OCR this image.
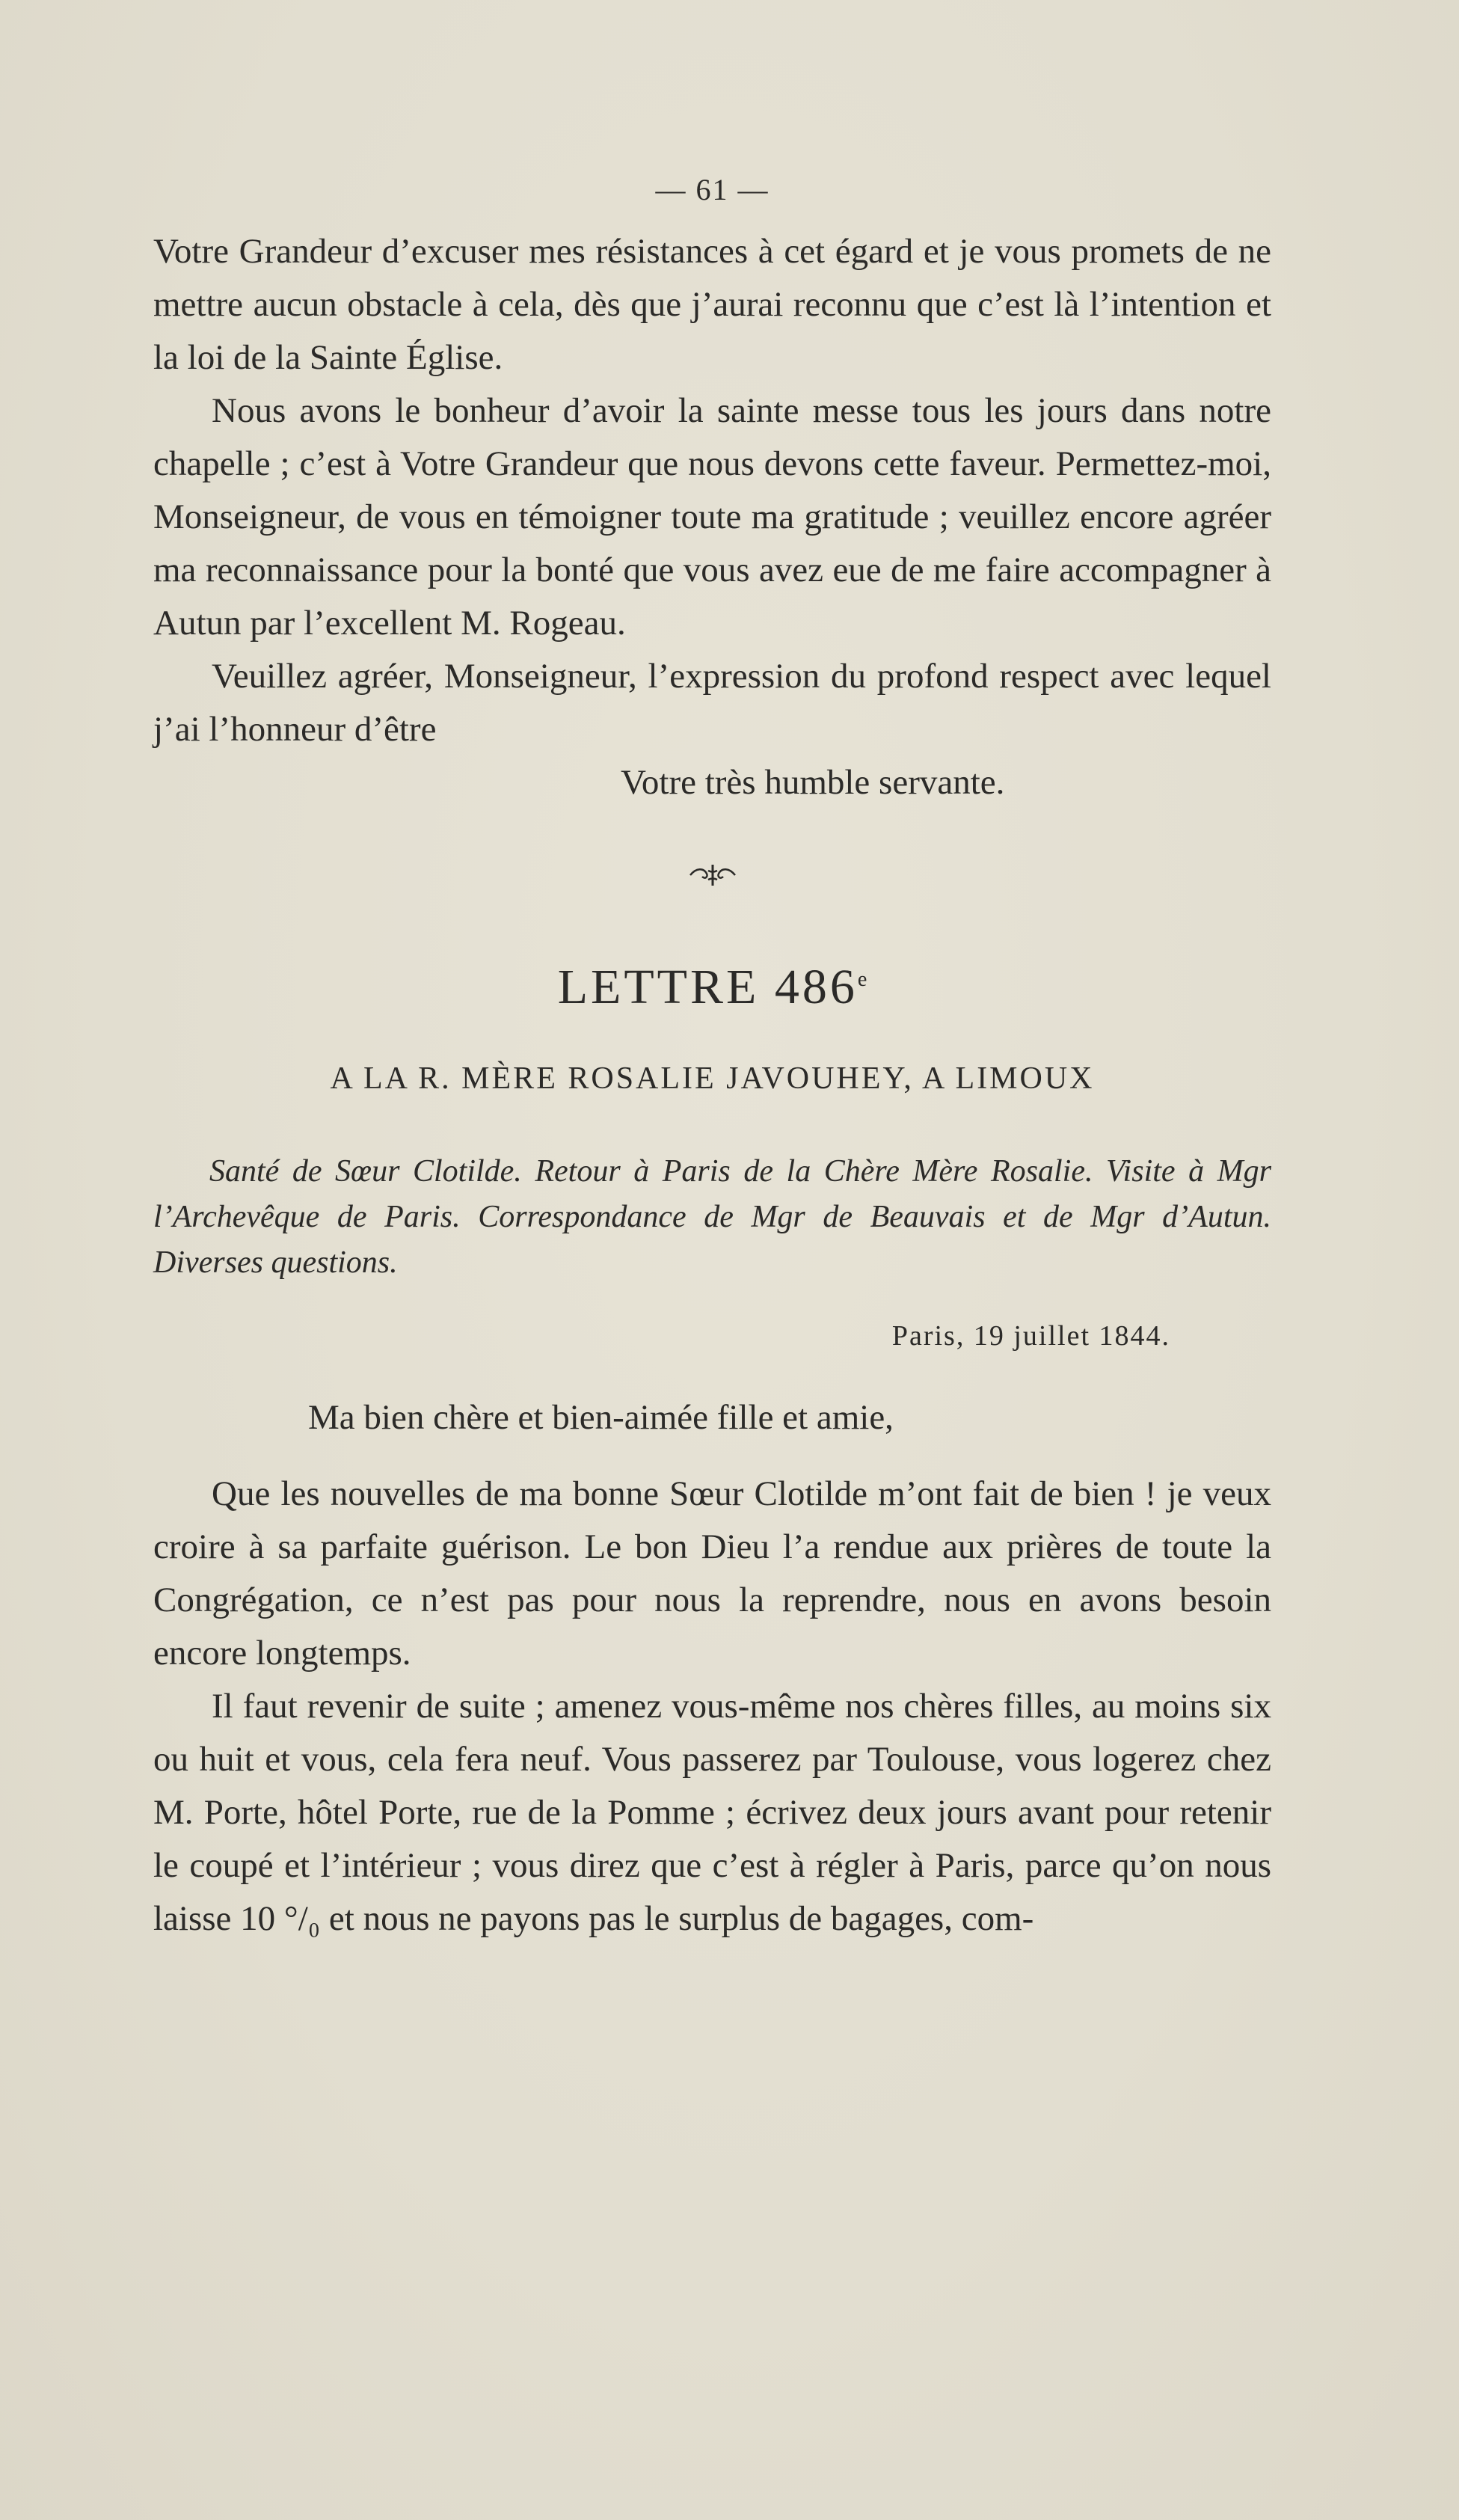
— 61 —

Votre Grandeur d’excuser mes résistances à cet égard et je vous promets de ne mettre aucun obstacle à cela, dès que j’aurai reconnu que c’est là l’intention et la loi de la Sainte Église.

Nous avons le bonheur d’avoir la sainte messe tous les jours dans notre chapelle ; c’est à Votre Grandeur que nous devons cette faveur. Permettez-moi, Monseigneur, de vous en témoigner toute ma gratitude ; veuillez encore agréer ma reconnaissance pour la bonté que vous avez eue de me faire accompagner à Autun par l’excellent M. Rogeau.

Veuillez agréer, Monseigneur, l’expression du profond respect avec lequel j’ai l’honneur d’être

Votre très humble servante.

LETTRE 486e
A LA R. MÈRE ROSALIE JAVOUHEY, A LIMOUX
Santé de Sœur Clotilde. Retour à Paris de la Chère Mère Rosalie. Visite à Mgr l’Archevêque de Paris. Correspondance de Mgr de Beauvais et de Mgr d’Autun. Diverses questions.
Paris, 19 juillet 1844.
Ma bien chère et bien-aimée fille et amie,

Que les nouvelles de ma bonne Sœur Clotilde m’ont fait de bien ! je veux croire à sa parfaite guérison. Le bon Dieu l’a rendue aux prières de toute la Congrégation, ce n’est pas pour nous la reprendre, nous en avons besoin encore longtemps.

Il faut revenir de suite ; amenez vous-même nos chères filles, au moins six ou huit et vous, cela fera neuf. Vous passerez par Toulouse, vous logerez chez M. Porte, hôtel Porte, rue de la Pomme ; écrivez deux jours avant pour retenir le coupé et l’intérieur ; vous direz que c’est à régler à Paris, parce qu’on nous laisse 10 °/₀ et nous ne payons pas le surplus de bagages, com-
